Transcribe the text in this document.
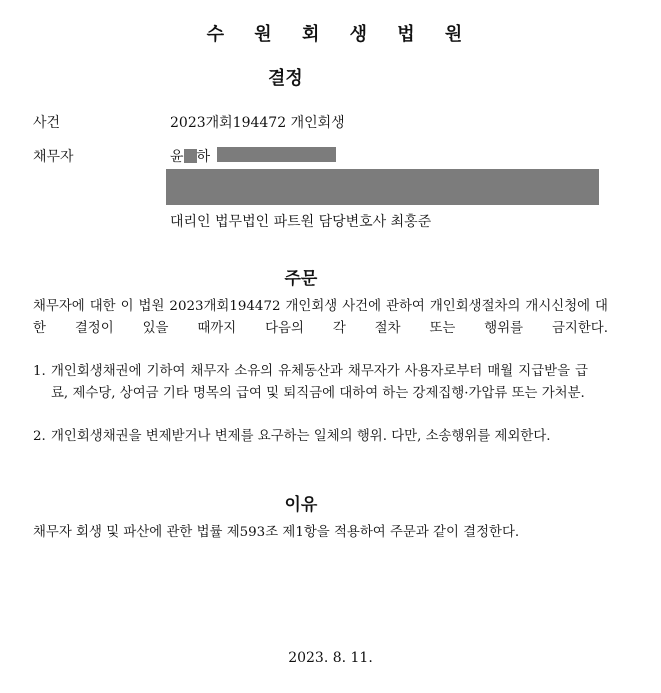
수 원 회 생 법 원
결정
사건	2023개회194472 개인회생
채무자	윤 하
대리인 법무법인 파트원 담당변호사 최홍준
주문
채무자에 대한 이 법원 2023개회194472 개인회생 사건에 관하여 개인회생절차의 개시신청에 대한 결정이 있을 때까지 다음의 각 절차 또는 행위를 금지한다.
1. 개인회생채권에 기하여 채무자 소유의 유체동산과 채무자가 사용자로부터 매월 지급받을 급료, 제수당, 상여금 기타 명목의 급여 및 퇴직금에 대하여 하는 강제집행·가압류 또는 가처분.
2. 개인회생채권을 변제받거나 변제를 요구하는 일체의 행위. 다만, 소송행위를 제외한다.
이유
채무자 회생 및 파산에 관한 법률 제593조 제1항을 적용하여 주문과 같이 결정한다.
2023. 8. 11.
